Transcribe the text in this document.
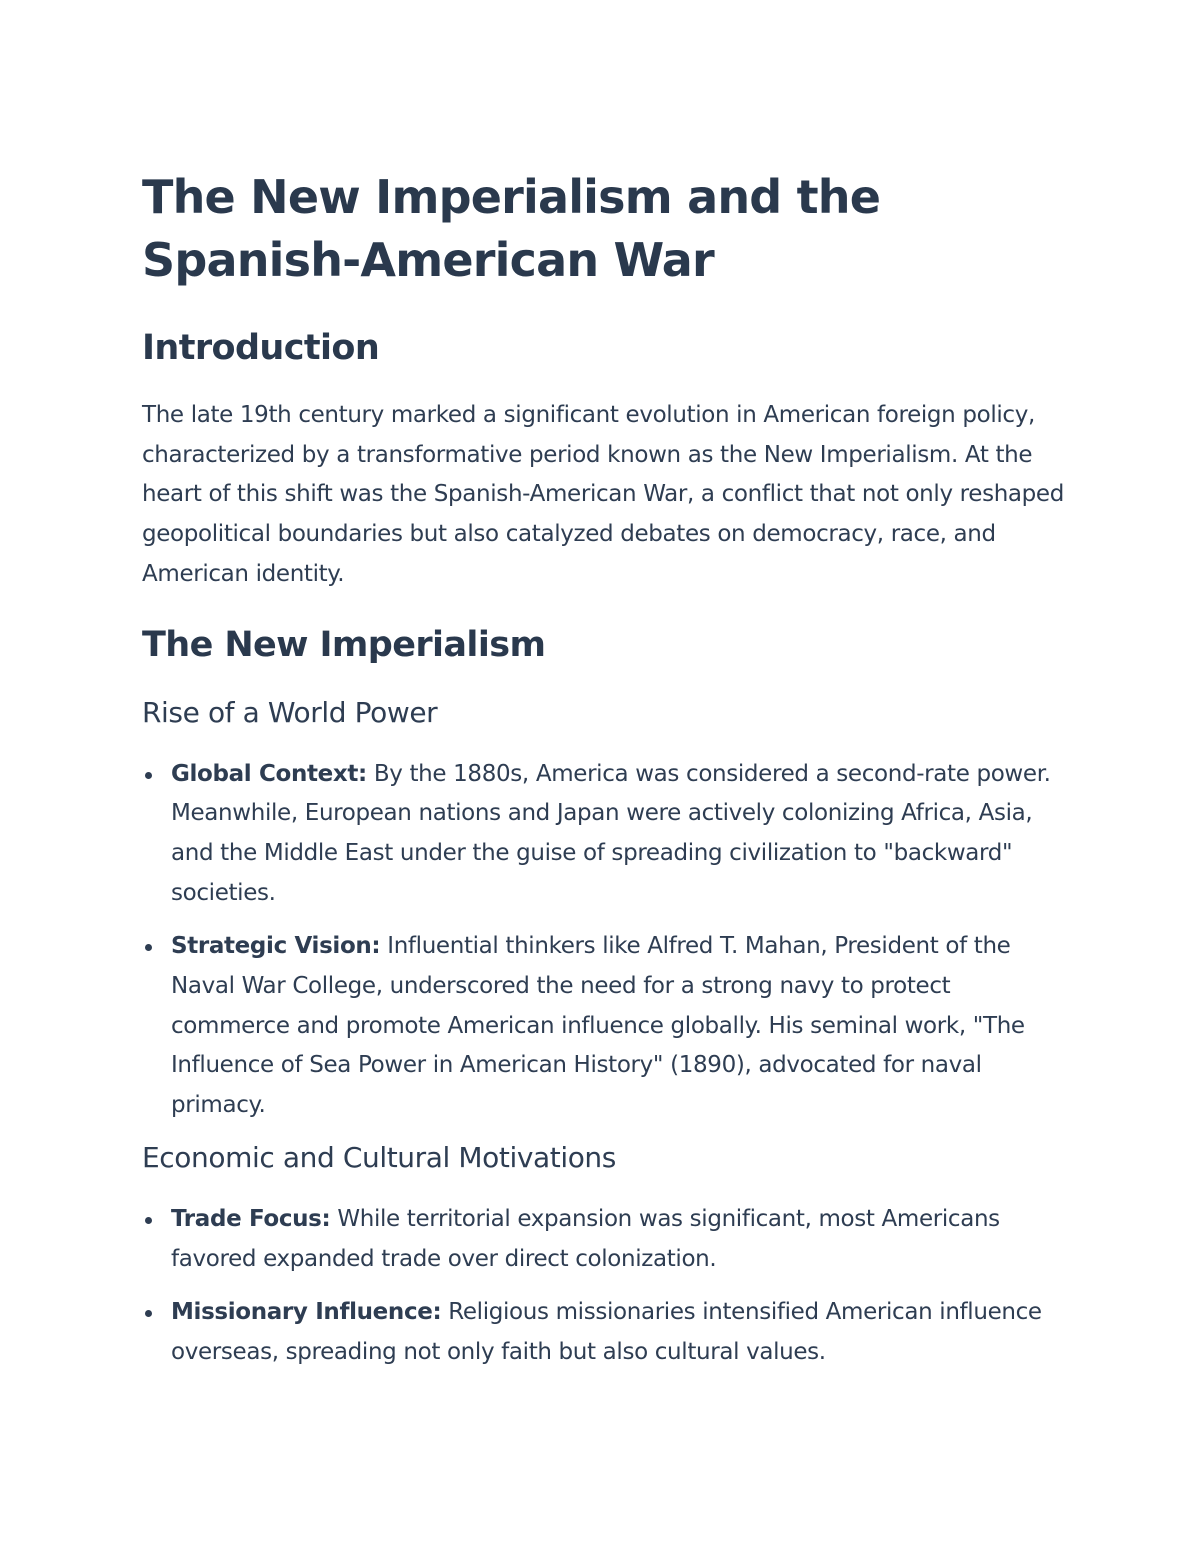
The New Imperialism and the Spanish-American War
Introduction

The late 19th century marked a significant evolution in American foreign policy, characterized by a transformative period known as the New Imperialism. At the heart of this shift was the Spanish-American War, a conflict that not only reshaped geopolitical boundaries but also catalyzed debates on democracy, race, and American identity.

The New Imperialism
Rise of a World Power
Global Context: By the 1880s, America was considered a second-rate power. Meanwhile, European nations and Japan were actively colonizing Africa, Asia, and the Middle East under the guise of spreading civilization to "backward" societies.
Strategic Vision: Influential thinkers like Alfred T. Mahan, President of the Naval War College, underscored the need for a strong navy to protect commerce and promote American influence globally. His seminal work, "The Influence of Sea Power in American History" (1890), advocated for naval primacy.
Economic and Cultural Motivations
Trade Focus: While territorial expansion was significant, most Americans favored expanded trade over direct colonization.
Missionary Influence: Religious missionaries intensified American influence overseas, spreading not only faith but also cultural values.
